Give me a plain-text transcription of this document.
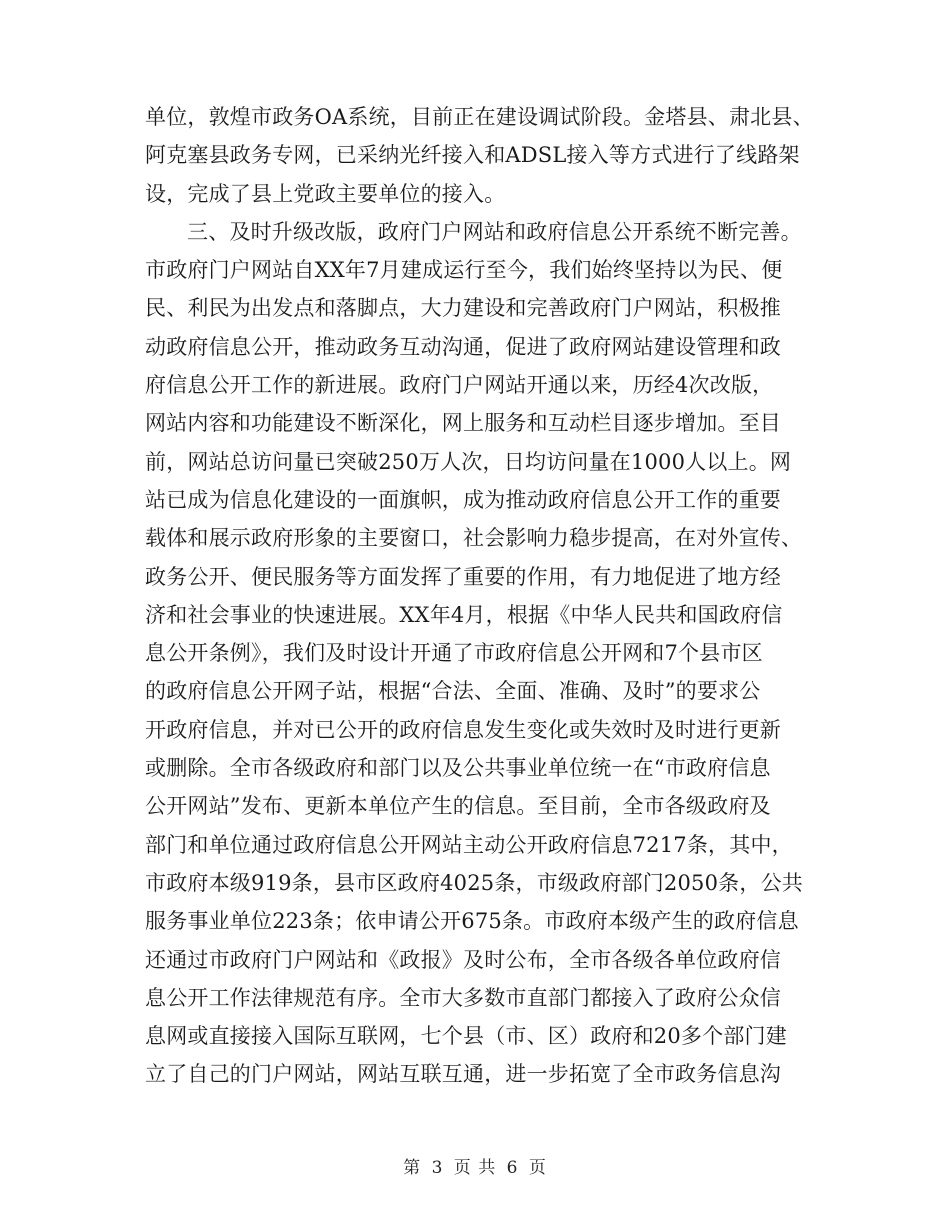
单位，敦煌市政务OA系统，目前正在建设调试阶段。金塔县、肃北县、
阿克塞县政务专网，已采纳光纤接入和ADSL接入等方式进行了线路架
设，完成了县上党政主要单位的接入。
三、及时升级改版，政府门户网站和政府信息公开系统不断完善。
市政府门户网站自XX年7月建成运行至今，我们始终坚持以为民、便
民、利民为出发点和落脚点，大力建设和完善政府门户网站，积极推
动政府信息公开，推动政务互动沟通，促进了政府网站建设管理和政
府信息公开工作的新进展。政府门户网站开通以来，历经4次改版，
网站内容和功能建设不断深化，网上服务和互动栏目逐步增加。至目
前，网站总访问量已突破250万人次，日均访问量在1000人以上。网
站已成为信息化建设的一面旗帜，成为推动政府信息公开工作的重要
载体和展示政府形象的主要窗口，社会影响力稳步提高，在对外宣传、
政务公开、便民服务等方面发挥了重要的作用，有力地促进了地方经
济和社会事业的快速进展。XX年4月，根据《中华人民共和国政府信
息公开条例》，我们及时设计开通了市政府信息公开网和7个县市区
的政府信息公开网子站，根据“合法、全面、准确、及时”的要求公
开政府信息，并对已公开的政府信息发生变化或失效时及时进行更新
或删除。全市各级政府和部门以及公共事业单位统一在“市政府信息
公开网站”发布、更新本单位产生的信息。至目前，全市各级政府及
部门和单位通过政府信息公开网站主动公开政府信息7217条，其中，
市政府本级919条，县市区政府4025条，市级政府部门2050条，公共
服务事业单位223条；依申请公开675条。市政府本级产生的政府信息
还通过市政府门户网站和《政报》及时公布，全市各级各单位政府信
息公开工作法律规范有序。全市大多数市直部门都接入了政府公众信
息网或直接接入国际互联网，七个县（市、区）政府和20多个部门建
立了自己的门户网站，网站互联互通，进一步拓宽了全市政务信息沟
第 3 页 共 6 页
